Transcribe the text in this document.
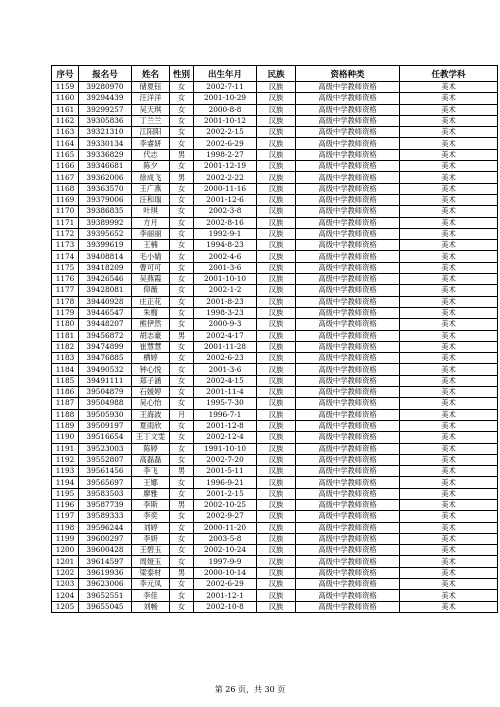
序号	报名号	姓名	性别	出生年月	民族	资格种类	任教学科
1159	39280970	储夏钰	女	2002-7-11	汉族	高级中学教师资格	美术
1160	39294439	汪洋洋	女	2001-10-29	汉族	高级中学教师资格	美术
1161	39299257	吴天琪	女	2000-8-8	汉族	高级中学教师资格	美术
1162	39305836	丁兰兰	女	2001-10-12	汉族	高级中学教师资格	美术
1163	39321310	江阳阳	女	2002-2-15	汉族	高级中学教师资格	美术
1164	39330134	李睿妍	女	2002-6-29	汉族	高级中学教师资格	美术
1165	39336829	代志	男	1998-2-27	汉族	高级中学教师资格	美术
1166	39346681	陈夕	女	2001-12-19	汉族	高级中学教师资格	美术
1167	39362006	徐成飞	男	2002-2-22	汉族	高级中学教师资格	美术
1168	39363570	王广燕	女	2000-11-16	汉族	高级中学教师资格	美术
1169	39379006	汪和瑞	女	2001-12-6	汉族	高级中学教师资格	美术
1170	39386835	叶琪	女	2002-3-8	汉族	高级中学教师资格	美术
1171	39389992	方月	女	2002-8-16	汉族	高级中学教师资格	美术
1172	39395652	李丽丽	女	1992-9-1	汉族	高级中学教师资格	美术
1173	39399619	王楠	女	1994-8-23	汉族	高级中学教师资格	美术
1174	39408814	毛小婧	女	2002-4-6	汉族	高级中学教师资格	美术
1175	39418209	曹可可	女	2001-3-6	汉族	高级中学教师资格	美术
1176	39426546	吴燕霞	女	2001-10-10	汉族	高级中学教师资格	美术
1177	39428081	仰薇	女	2002-1-2	汉族	高级中学教师资格	美术
1178	39440928	庄正花	女	2001-8-23	汉族	高级中学教师资格	美术
1179	39446547	朱榴	女	1998-3-23	汉族	高级中学教师资格	美术
1180	39448207	熊伊然	女	2000-9-3	汉族	高级中学教师资格	美术
1181	39456872	胡志豪	男	2002-4-17	汉族	高级中学教师资格	美术
1182	39474899	崔慧慧	女	2001-11-28	汉族	高级中学教师资格	美术
1183	39476885	栖婷	女	2002-6-23	汉族	高级中学教师资格	美术
1184	39490532	钟心悦	女	2001-3-6	汉族	高级中学教师资格	美术
1185	39491111	郑子涵	女	2002-4-15	汉族	高级中学教师资格	美术
1186	39504879	石媛婷	女	2001-11-4	汉族	高级中学教师资格	美术
1187	39504988	吴心怡	女	1995-7-30	汉族	高级中学教师资格	美术
1188	39505930	王海波	月	1996-7-1	汉族	高级中学教师资格	美术
1189	39509197	夏雨欣	女	2001-12-8	汉族	高级中学教师资格	美术
1190	39516654	王丁文雯	女	2002-12-4	汉族	高级中学教师资格	美术
1191	39523003	陈婷	女	1991-10-10	汉族	高级中学教师资格	美术
1192	39552807	高磊磊	女	2002-7-20	汉族	高级中学教师资格	美术
1193	39561456	李飞	男	2001-5-11	汉族	高级中学教师资格	美术
1194	39565697	王娜	女	1996-9-21	汉族	高级中学教师资格	美术
1195	39583503	廖雅	女	2001-2-15	汉族	高级中学教师资格	美术
1196	39587739	李斯	男	2002-10-25	汉族	高级中学教师资格	美术
1197	39589333	李奕	女	2002-9-27	汉族	高级中学教师资格	美术
1198	39596244	刘婷	女	2000-11-20	汉族	高级中学教师资格	美术
1199	39600297	李妍	女	2003-5-8	汉族	高级中学教师资格	美术
1200	39600428	王碧玉	女	2002-10-24	汉族	高级中学教师资格	美术
1201	39614597	周娅玉	女	1997-9-9	汉族	高级中学教师资格	美术
1202	39619936	梁泰材	男	2000-10-14	汉族	高级中学教师资格	美术
1203	39623006	李元凤	女	2002-6-29	汉族	高级中学教师资格	美术
1204	39652551	李佳	女	2001-12-1	汉族	高级中学教师资格	美术
1205	39655045	刘畅	女	2002-10-8	汉族	高级中学教师资格	美术
第 26 页，共 30 页
